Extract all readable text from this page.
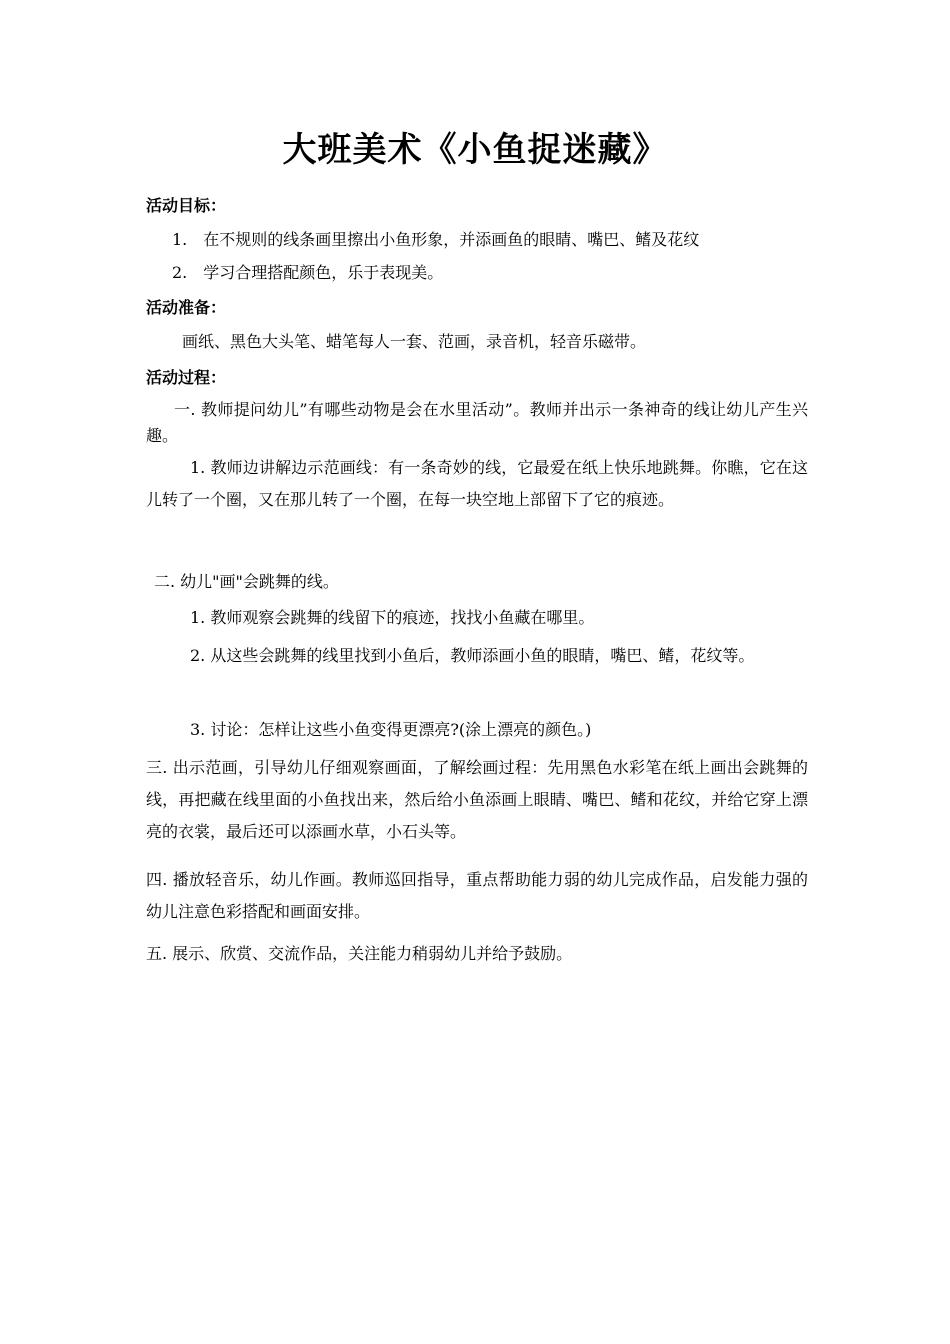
大班美术《小鱼捉迷藏》
活动目标：
1.　在不规则的线条画里擦出小鱼形象，并添画鱼的眼睛、嘴巴、鳍及花纹
2.　学习合理搭配颜色，乐于表现美。
活动准备：
画纸、黑色大头笔、蜡笔每人一套、范画，录音机，轻音乐磁带。
活动过程：

一. 教师提问幼儿”有哪些动物是会在水里活动”。教师并出示一条神奇的线让幼儿产生兴趣。

1. 教师边讲解边示范画线：有一条奇妙的线，它最爱在纸上快乐地跳舞。你瞧，它在这儿转了一个圈，又在那儿转了一个圈，在每一块空地上部留下了它的痕迹。

二. 幼儿"画"会跳舞的线。
1. 教师观察会跳舞的线留下的痕迹，找找小鱼藏在哪里。

2. 从这些会跳舞的线里找到小鱼后，教师添画小鱼的眼睛，嘴巴、鳍，花纹等。

3. 讨论：怎样让这些小鱼变得更漂亮?(涂上漂亮的颜色。)

三. 出示范画，引导幼儿仔细观察画面，了解绘画过程：先用黑色水彩笔在纸上画出会跳舞的线，再把藏在线里面的小鱼找出来，然后给小鱼添画上眼睛、嘴巴、鳍和花纹，并给它穿上漂亮的衣裳，最后还可以添画水草，小石头等。

四. 播放轻音乐，幼儿作画。教师巡回指导，重点帮助能力弱的幼儿完成作品，启发能力强的幼儿注意色彩搭配和画面安排。

五. 展示、欣赏、交流作品，关注能力稍弱幼儿并给予鼓励。
